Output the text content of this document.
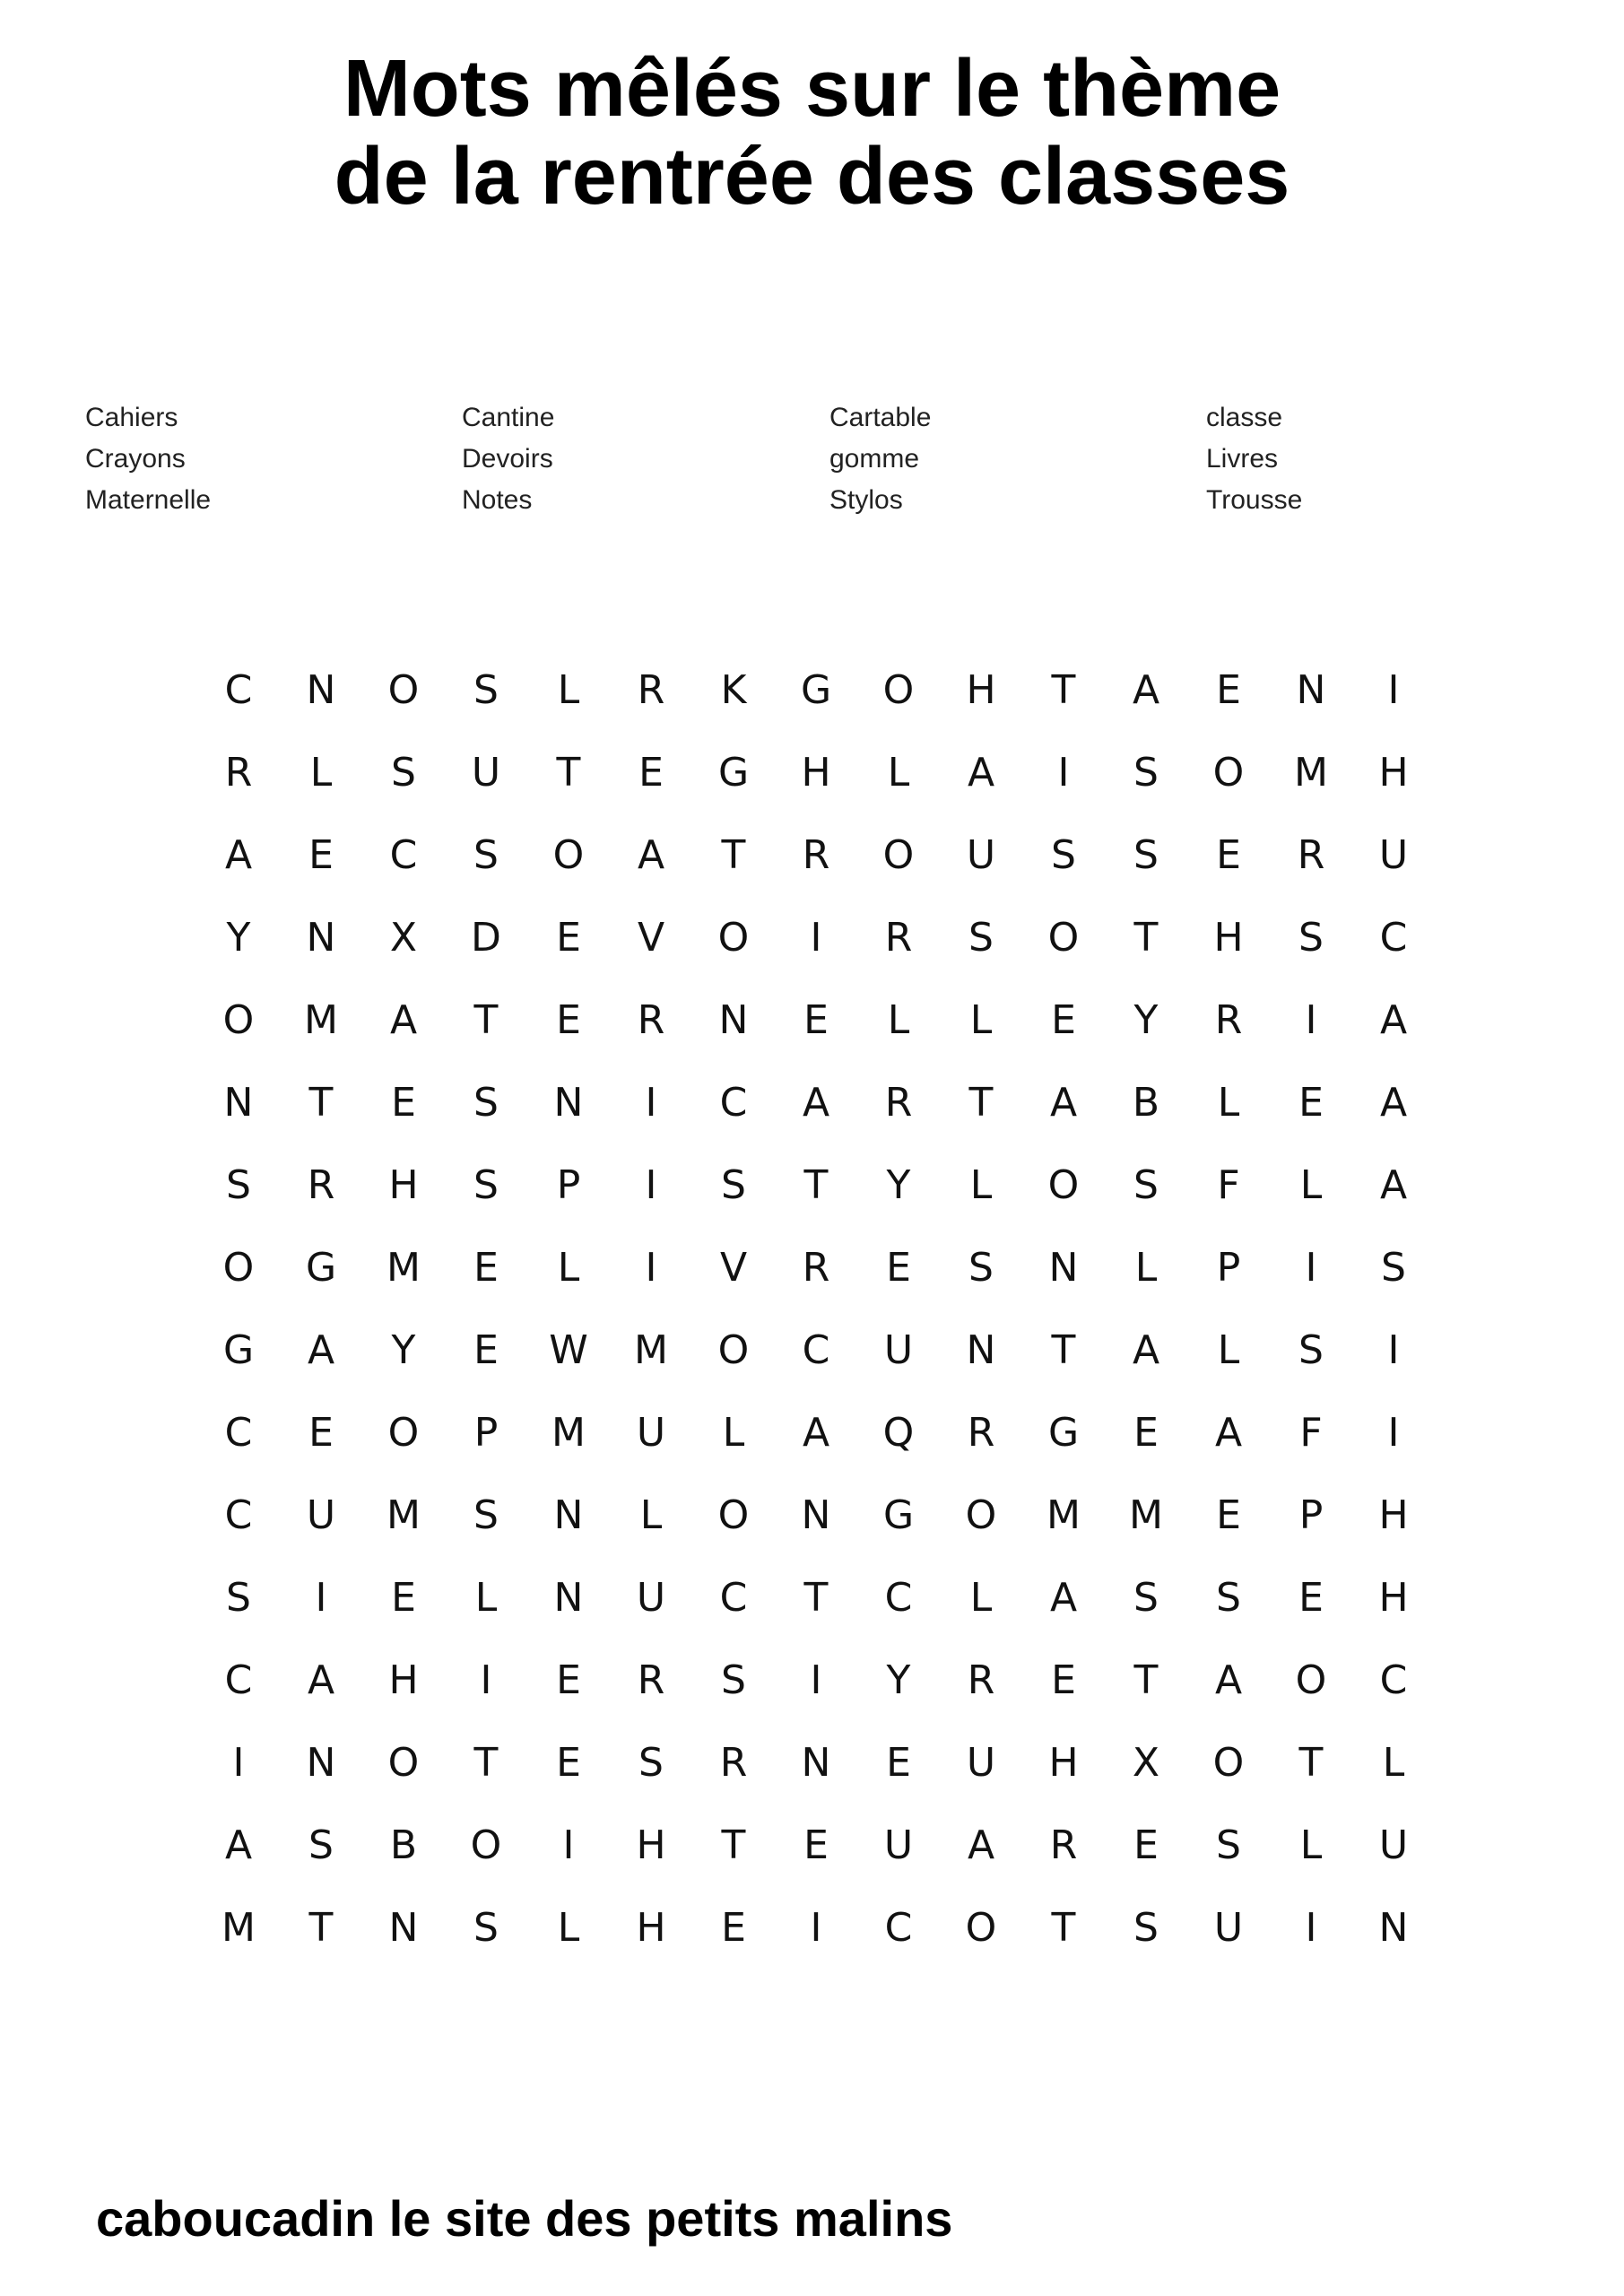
Mots mêlés sur le thème
de la rentrée des classes
Cahiers
Crayons
Maternelle
Cantine
Devoirs
Notes
Cartable
gomme
Stylos
classe
Livres
Trousse
C	N	O	S	L	R	K	G	O	H	T	A	E	N	I
R	L	S	U	T	E	G	H	L	A	I	S	O	M	H
A	E	C	S	O	A	T	R	O	U	S	S	E	R	U
Y	N	X	D	E	V	O	I	R	S	O	T	H	S	C
O	M	A	T	E	R	N	E	L	L	E	Y	R	I	A
N	T	E	S	N	I	C	A	R	T	A	B	L	E	A
S	R	H	S	P	I	S	T	Y	L	O	S	F	L	A
O	G	M	E	L	I	V	R	E	S	N	L	P	I	S
G	A	Y	E	W	M	O	C	U	N	T	A	L	S	I
C	E	O	P	M	U	L	A	Q	R	G	E	A	F	I
C	U	M	S	N	L	O	N	G	O	M	M	E	P	H
S	I	E	L	N	U	C	T	C	L	A	S	S	E	H
C	A	H	I	E	R	S	I	Y	R	E	T	A	O	C
I	N	O	T	E	S	R	N	E	U	H	X	O	T	L
A	S	B	O	I	H	T	E	U	A	R	E	S	L	U
M	T	N	S	L	H	E	I	C	O	T	S	U	I	N

caboucadin le site des petits malins
